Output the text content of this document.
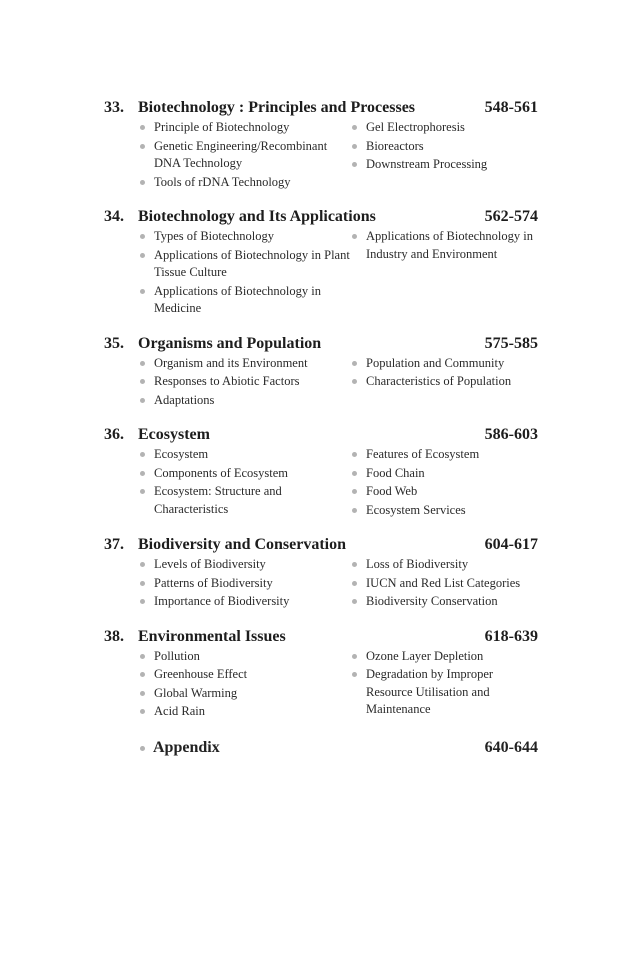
33. Biotechnology : Principles and Processes	548-561
Principle of Biotechnology
Genetic Engineering/Recombinant DNA Technology
Tools of rDNA Technology
Gel Electrophoresis
Bioreactors
Downstream Processing
34. Biotechnology and Its Applications	562-574
Types of Biotechnology
Applications of Biotechnology in Plant Tissue Culture
Applications of Biotechnology in Medicine
Applications of Biotechnology in Industry and Environment
35. Organisms and Population	575-585
Organism and its Environment
Responses to Abiotic Factors
Adaptations
Population and Community
Characteristics of Population
36. Ecosystem	586-603
Ecosystem
Components of Ecosystem
Ecosystem: Structure and Characteristics
Features of Ecosystem
Food Chain
Food Web
Ecosystem Services
37. Biodiversity and Conservation	604-617
Levels of Biodiversity
Patterns of Biodiversity
Importance of Biodiversity
Loss of Biodiversity
IUCN and Red List Categories
Biodiversity Conservation
38. Environmental Issues	618-639
Pollution
Greenhouse Effect
Global Warming
Acid Rain
Ozone Layer Depletion
Degradation by Improper Resource Utilisation and Maintenance
Appendix	640-644
